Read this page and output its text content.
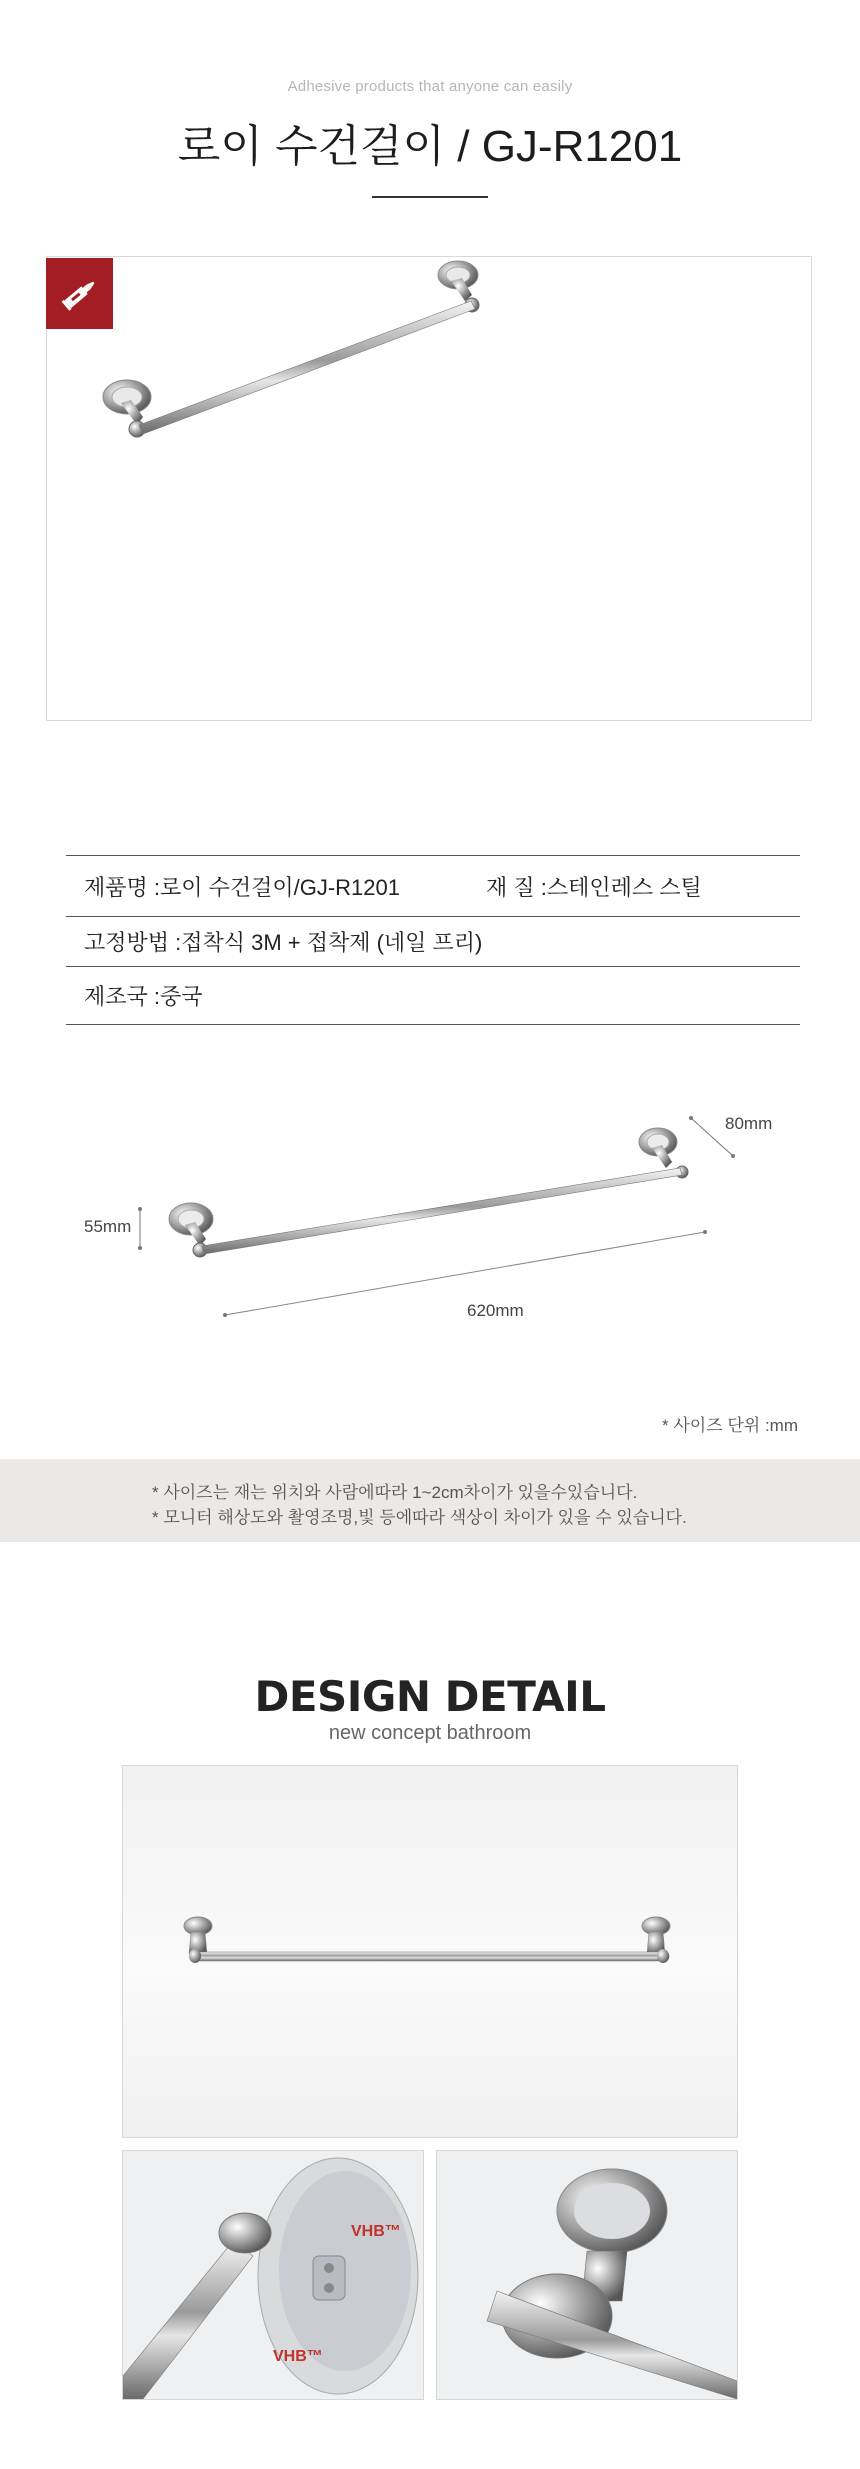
Adhesive products that anyone can easily
로이 수건걸이 / GJ-R1201
제품명 :로이 수건걸이/GJ-R1201	재 질 :스테인레스 스틸
고정방법 :접착식 3M + 접착제 (네일 프리)
제조국 :중국
80mm
55mm
620mm
* 사이즈 단위 :mm
* 사이즈는 재는 위치와 사람에따라 1~2cm차이가 있을수있습니다.
* 모니터 해상도와 촬영조명,빛 등에따라 색상이 차이가 있을 수 있습니다.
DESIGN DETAIL
new concept bathroom
VHB™
VHB™
